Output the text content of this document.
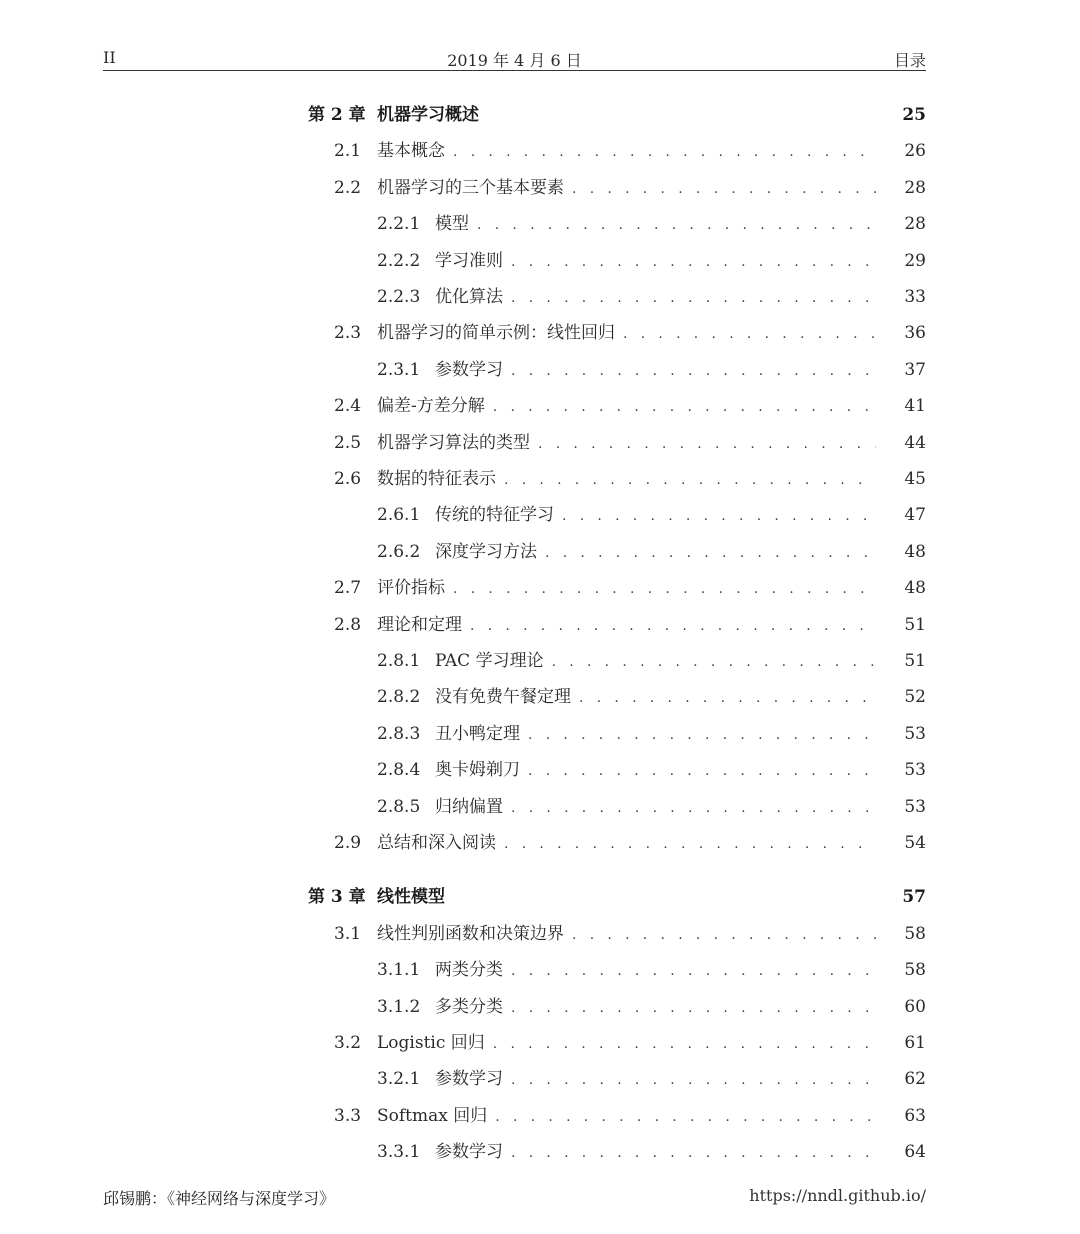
II	2019 年 4 月 6 日	目录
第 2 章 机器学习概述	25
2.1 基本概念 . . .	26
2.2 机器学习的三个基本要素 . . .	28
2.2.1 模型 . . .	28
2.2.2 学习准则 . . .	29
2.2.3 优化算法 . . .	33
2.3 机器学习的简单示例：线性回归 . . .	36
2.3.1 参数学习 . . .	37
2.4 偏差-方差分解 . . .	41
2.5 机器学习算法的类型 . . .	44
2.6 数据的特征表示 . . .	45
2.6.1 传统的特征学习 . . .	47
2.6.2 深度学习方法 . . .	48
2.7 评价指标 . . .	48
2.8 理论和定理 . . .	51
2.8.1 PAC 学习理论 . . .	51
2.8.2 没有免费午餐定理 . . .	52
2.8.3 丑小鸭定理 . . .	53
2.8.4 奥卡姆剃刀 . . .	53
2.8.5 归纳偏置 . . .	53
2.9 总结和深入阅读 . . .	54
第 3 章 线性模型	57
3.1 线性判别函数和决策边界 . . .	58
3.1.1 两类分类 . . .	58
3.1.2 多类分类 . . .	60
3.2 Logistic 回归 . . .	61
3.2.1 参数学习 . . .	62
3.3 Softmax 回归 . . .	63
3.3.1 参数学习 . . .	64
邱锡鹏：《神经网络与深度学习》	https://nndl.github.io/
